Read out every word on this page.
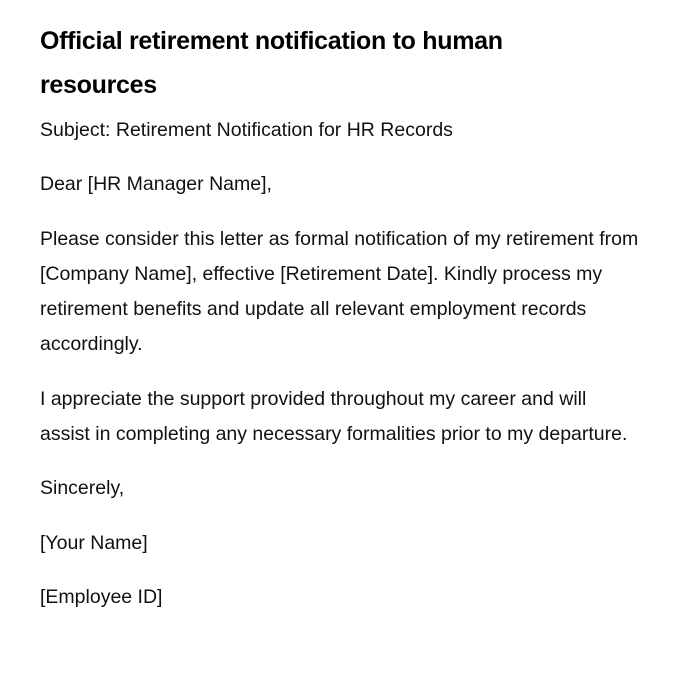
Official retirement notification to human resources

Subject: Retirement Notification for HR Records

Dear [HR Manager Name],

Please consider this letter as formal notification of my retirement from [Company Name], effective [Retirement Date]. Kindly process my retirement benefits and update all relevant employment records accordingly.

I appreciate the support provided throughout my career and will assist in completing any necessary formalities prior to my departure.

Sincerely,

[Your Name]

[Employee ID]
